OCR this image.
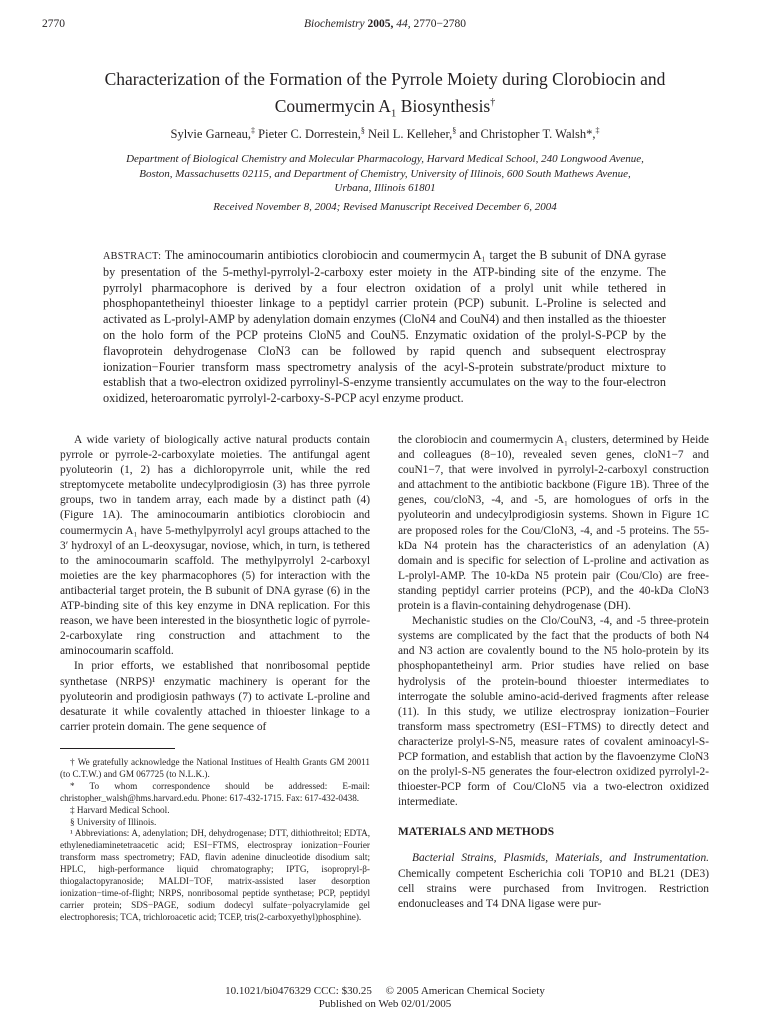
2770	Biochemistry 2005, 44, 2770−2780
Characterization of the Formation of the Pyrrole Moiety during Clorobiocin and
Coumermycin $A_1$ Biosynthesis†
Sylvie Garneau,‡ Pieter C. Dorrestein,§ Neil L. Kelleher,§ and Christopher T. Walsh*,‡
Department of Biological Chemistry and Molecular Pharmacology, Harvard Medical School, 240 Longwood Avenue,
Boston, Massachusetts 02115, and Department of Chemistry, University of Illinois, 600 South Mathews Avenue,
Urbana, Illinois 61801
Received November 8, 2004; Revised Manuscript Received December 6, 2004
ABSTRACT: The aminocoumarin antibiotics clorobiocin and coumermycin A₁ target the B subunit of DNA gyrase by presentation of the 5-methyl-pyrrolyl-2-carboxy ester moiety in the ATP-binding site of the enzyme. The pyrrolyl pharmacophore is derived by a four electron oxidation of a prolyl unit while tethered in phosphopantetheinyl thioester linkage to a peptidyl carrier protein (PCP) subunit. L-Proline is selected and activated as L-prolyl-AMP by adenylation domain enzymes (CloN4 and CouN4) and then installed as the thioester on the holo form of the PCP proteins CloN5 and CouN5. Enzymatic oxidation of the prolyl-S-PCP by the flavoprotein dehydrogenase CloN3 can be followed by rapid quench and subsequent electrospray ionization−Fourier transform mass spectrometry analysis of the acyl-S-protein substrate/product mixture to establish that a two-electron oxidized pyrrolinyl-S-enzyme transiently accumulates on the way to the four-electron oxidized, heteroaromatic pyrrolyl-2-carboxy-S-PCP acyl enzyme product.

A wide variety of biologically active natural products contain pyrrole or pyrrole-2-carboxylate moieties. The antifungal agent pyoluteorin (1, 2) has a dichloropyrrole unit, while the red streptomycete metabolite undecylprodigiosin (3) has three pyrrole groups, two in tandem array, each made by a distinct path (4) (Figure 1A). The aminocoumarin antibiotics clorobiocin and coumermycin A₁ have 5-methylpyrrolyl acyl groups attached to the 3′ hydroxyl of an L-deoxysugar, noviose, which, in turn, is tethered to the aminocoumarin scaffold. The methylpyrrolyl 2-carboxyl moieties are the key pharmacophores (5) for interaction with the antibacterial target protein, the B subunit of DNA gyrase (6) in the ATP-binding site of this key enzyme in DNA replication. For this reason, we have been interested in the biosynthetic logic of pyrrole-2-carboxylate ring construction and attachment to the aminocoumarin scaffold.

In prior efforts, we established that nonribosomal peptide synthetase (NRPS)¹ enzymatic machinery is operant for the pyoluteorin and prodigiosin pathways (7) to activate L-proline and desaturate it while covalently attached in thioester linkage to a carrier protein domain. The gene sequence of

† We gratefully acknowledge the National Institues of Health Grants GM 20011 (to C.T.W.) and GM 067725 (to N.L.K.).

* To whom correspondence should be addressed: E-mail: christopher_walsh@hms.harvard.edu. Phone: 617-432-1715. Fax: 617-432-0438.

‡ Harvard Medical School.

§ University of Illinois.

¹ Abbreviations: A, adenylation; DH, dehydrogenase; DTT, dithiothreitol; EDTA, ethylenediaminetetraacetic acid; ESI−FTMS, electrospray ionization−Fourier transform mass spectrometry; FAD, flavin adenine dinucleotide disodium salt; HPLC, high-performance liquid chromatography; IPTG, isopropryl-β-thiogalactopyranoside; MALDI−TOF, matrix-assisted laser desorption ionization−time-of-flight; NRPS, nonribosomal peptide synthetase; PCP, peptidyl carrier protein; SDS−PAGE, sodium dodecyl sulfate−polyacrylamide gel electrophoresis; TCA, trichloroacetic acid; TCEP, tris(2-carboxyethyl)phosphine).

the clorobiocin and coumermycin A₁ clusters, determined by Heide and colleagues (8−10), revealed seven genes, cloN1−7 and couN1−7, that were involved in pyrrolyl-2-carboxyl construction and attachment to the antibiotic backbone (Figure 1B). Three of the genes, cou/cloN3, -4, and -5, are homologues of orfs in the pyoluteorin and undecylprodigiosin systems. Shown in Figure 1C are proposed roles for the Cou/CloN3, -4, and -5 proteins. The 55-kDa N4 protein has the characteristics of an adenylation (A) domain and is specific for selection of L-proline and activation as L-prolyl-AMP. The 10-kDa N5 protein pair (Cou/Clo) are free-standing peptidyl carrier proteins (PCP), and the 40-kDa CloN3 protein is a flavin-containing dehydrogenase (DH).

Mechanistic studies on the Clo/CouN3, -4, and -5 three-protein systems are complicated by the fact that the products of both N4 and N3 action are covalently bound to the N5 holo-protein by its phosphopantetheinyl arm. Prior studies have relied on base hydrolysis of the protein-bound thioester intermediates to interrogate the soluble amino-acid-derived fragments after release (11). In this study, we utilize electrospray ionization−Fourier transform mass spectrometry (ESI−FTMS) to directly detect and characterize prolyl-S-N5, measure rates of covalent aminoacyl-S-PCP formation, and establish that action by the flavoenzyme CloN3 on the prolyl-S-N5 generates the four-electron oxidized pyrrolyl-2-thioester-PCP form of Cou/CloN5 via a two-electron oxidized intermediate.

MATERIALS AND METHODS

Bacterial Strains, Plasmids, Materials, and Instrumentation. Chemically competent Escherichia coli TOP10 and BL21 (DE3) cell strains were purchased from Invitrogen. Restriction endonucleases and T4 DNA ligase were pur-

10.1021/bi0476329 CCC: $30.25     © 2005 American Chemical Society
Published on Web 02/01/2005
